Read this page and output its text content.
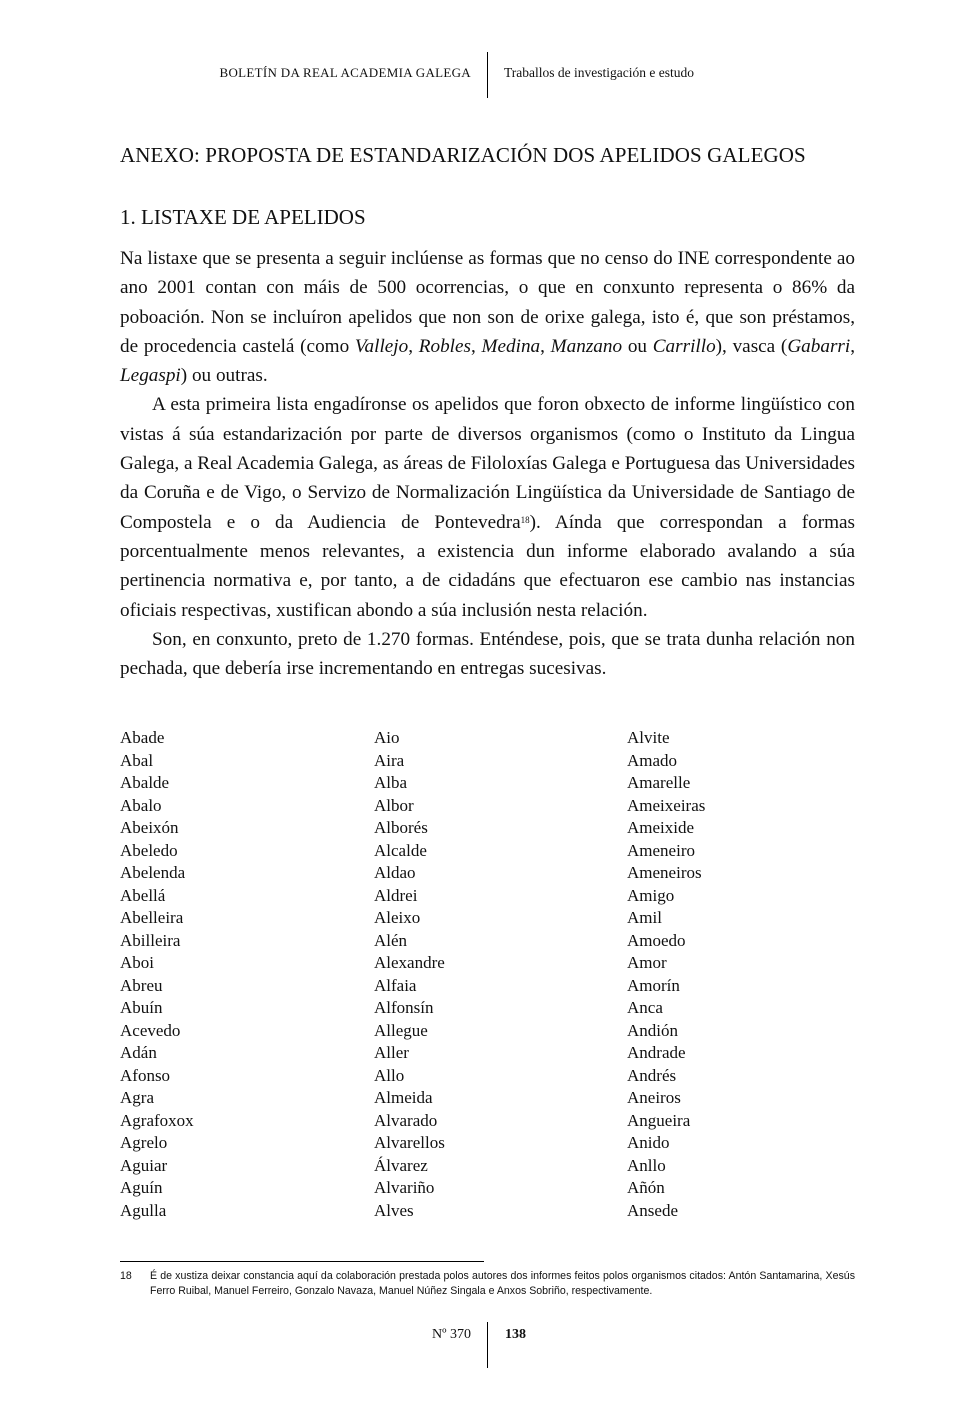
BOLETÍN DA REAL ACADEMIA GALEGA Traballos de investigación e estudo
ANEXO: PROPOSTA DE ESTANDARIZACIÓN DOS APELIDOS GALEGOS
1. LISTAXE DE APELIDOS

Na listaxe que se presenta a seguir inclúense as formas que no censo do INE correspondente ao ano 2001 contan con máis de 500 ocorrencias, o que en conxunto representa o 86% da poboación. Non se incluíron apelidos que non son de orixe galega, isto é, que son préstamos, de procedencia castelá (como Vallejo, Robles, Medina, Manzano ou Carrillo), vasca (Gabarri, Legaspi) ou outras.

A esta primeira lista engadíronse os apelidos que foron obxecto de informe lingüístico con vistas á súa estandarización por parte de diversos organismos (como o Instituto da Lingua Galega, a Real Academia Galega, as áreas de Filoloxías Galega e Portuguesa das Universidades da Coruña e de Vigo, o Servizo de Normalización Lingüística da Universidade de Santiago de Compostela e o da Audiencia de Pontevedra$^{18}$). Aínda que correspondan a formas porcentualmente menos relevantes, a existencia dun informe elaborado avalando a súa pertinencia normativa e, por tanto, a de cidadáns que efectuaron ese cambio nas instancias oficiais respectivas, xustifican abondo a súa inclusión nesta relación.

Son, en conxunto, preto de 1.270 formas. Enténdese, pois, que se trata dunha relación non pechada, que debería irse incrementando en entregas sucesivas.

Abade
Abal
Abalde
Abalo
Abeixón
Abeledo
Abelenda
Abellá
Abelleira
Abilleira
Aboi
Abreu
Abuín
Acevedo
Adán
Afonso
Agra
Agrafoxox
Agrelo
Aguiar
Aguín
Agulla
Aio
Aira
Alba
Albor
Alborés
Alcalde
Aldao
Aldrei
Aleixo
Alén
Alexandre
Alfaia
Alfonsín
Allegue
Aller
Allo
Almeida
Alvarado
Alvarellos
Álvarez
Alvariño
Alves
Alvite
Amado
Amarelle
Ameixeiras
Ameixide
Ameneiro
Ameneiros
Amigo
Amil
Amoedo
Amor
Amorín
Anca
Andión
Andrade
Andrés
Aneiros
Angueira
Anido
Anllo
Añón
Ansede
18 É de xustiza deixar constancia aquí da colaboración prestada polos autores dos informes feitos polos organismos citados: Antón Santamarina, Xesús Ferro Ruibal, Manuel Ferreiro, Gonzalo Navaza, Manuel Núñez Singala e Anxos Sobriño, respectivamente.
Nº 370 138
